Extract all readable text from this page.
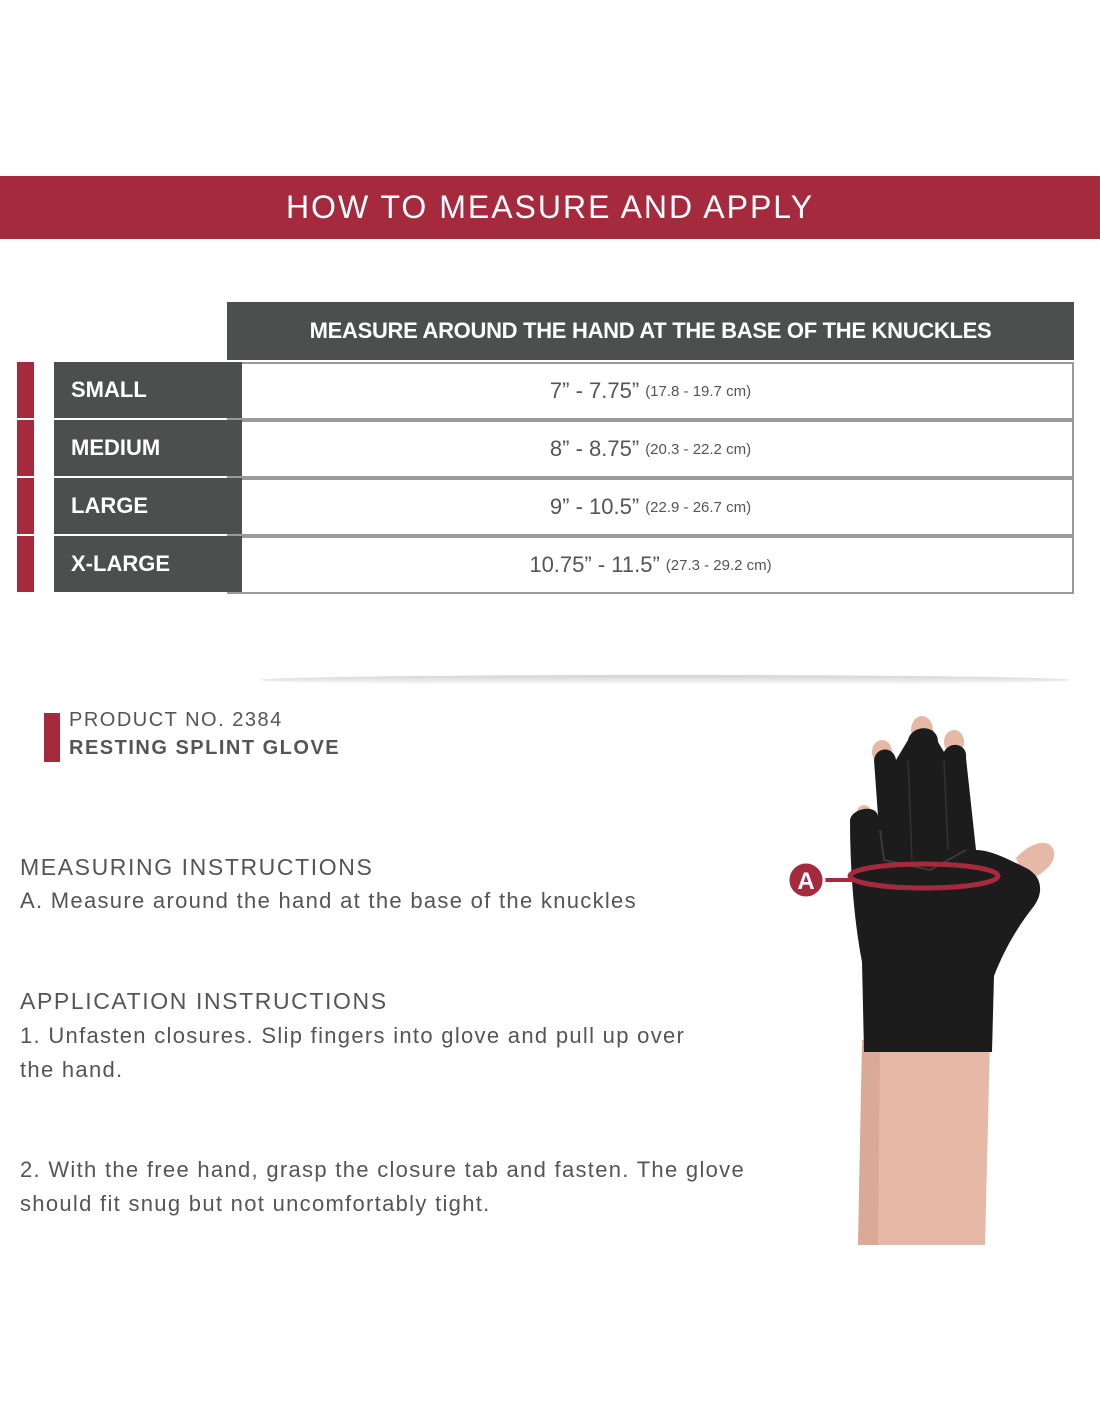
HOW TO MEASURE AND APPLY
MEASURE AROUND THE HAND AT THE BASE OF THE KNUCKLES
7” - 7.75” (17.8 - 19.7 cm)
SMALL
8” - 8.75” (20.3 - 22.2 cm)
MEDIUM
9” - 10.5” (22.9 - 26.7 cm)
LARGE
10.75” - 11.5” (27.3 - 29.2 cm)
X-LARGE
PRODUCT NO. 2384
RESTING SPLINT GLOVE
MEASURING INSTRUCTIONS
A. Measure around the hand at the base of the knuckles
APPLICATION INSTRUCTIONS
1. Unfasten closures. Slip fingers into glove and pull up over the hand.
2. With the free hand, grasp the closure tab and fasten. The glove should fit snug but not uncomfortably tight.
A
